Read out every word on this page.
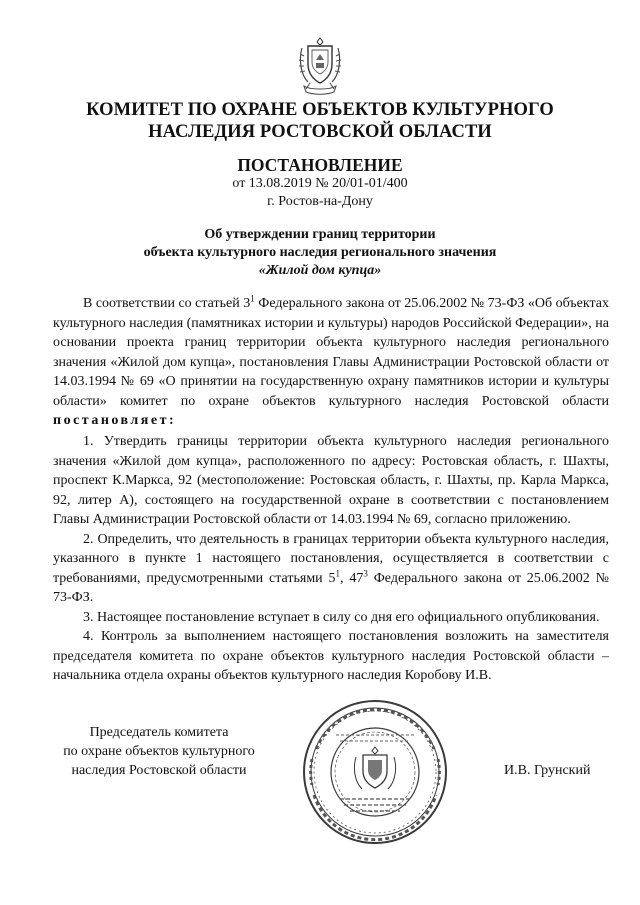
КОМИТЕТ ПО ОХРАНЕ ОБЪЕКТОВ КУЛЬТУРНОГО
НАСЛЕДИЯ РОСТОВСКОЙ ОБЛАСТИ
ПОСТАНОВЛЕНИЕ
от 13.08.2019 № 20/01-01/400
г. Ростов-на-Дону
Об утверждении границ территории
объекта культурного наследия регионального значения
«Жилой дом купца»

В соответствии со статьей $3^1$ Федерального закона от 25.06.2002 № 73-ФЗ «Об объектах культурного наследия (памятниках истории и культуры) народов Российской Федерации», на основании проекта границ территории объекта культурного наследия регионального значения «Жилой дом купца», постановления Главы Администрации Ростовской области от 14.03.1994 № 69 «О принятии на государственную охрану памятников истории и культуры области» комитет по охране объектов культурного наследия Ростовской области постановляет:

1. Утвердить границы территории объекта культурного наследия регионального значения «Жилой дом купца», расположенного по адресу: Ростовская область, г. Шахты, проспект К.Маркса, 92 (местоположение: Ростовская область, г. Шахты, пр. Карла Маркса, 92, литер А), состоящего на государственной охране в соответствии с постановлением Главы Администрации Ростовской области от 14.03.1994 № 69, согласно приложению.

2. Определить, что деятельность в границах территории объекта культурного наследия, указанного в пункте 1 настоящего постановления, осуществляется в соответствии с требованиями, предусмотренными статьями $5^1$, $47^3$ Федерального закона от 25.06.2002 № 73-ФЗ.

3. Настоящее постановление вступает в силу со дня его официального опубликования.

4. Контроль за выполнением настоящего постановления возложить на заместителя председателя комитета по охране объектов культурного наследия Ростовской области – начальника отдела охраны объектов культурного наследия Коробову И.В.

Председатель комитета
по охране объектов культурного
наследия Ростовской области	И.В. Грунский
